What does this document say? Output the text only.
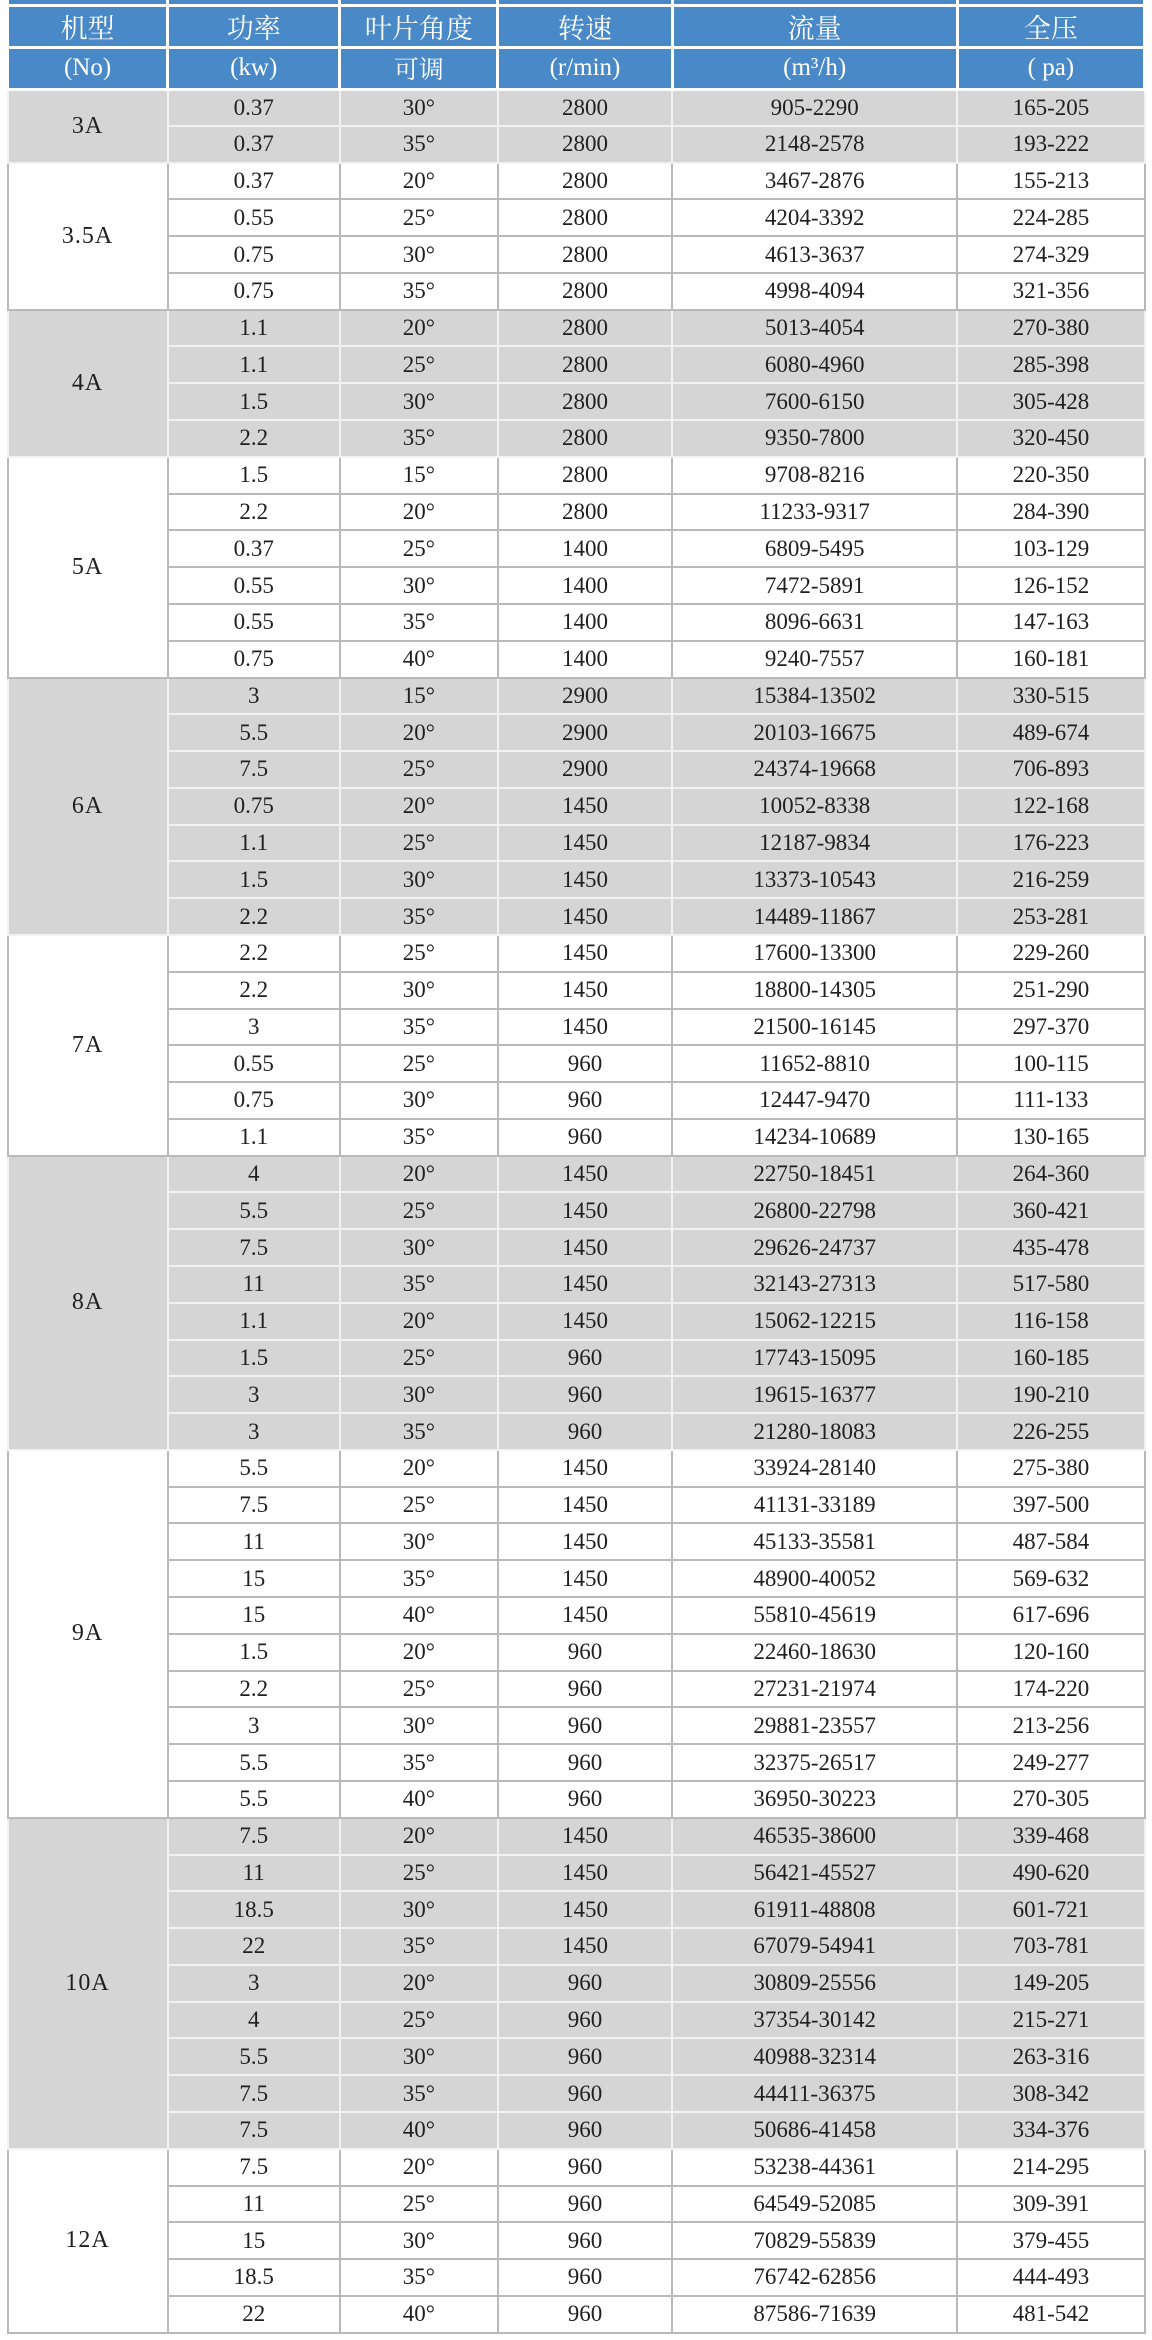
机型	功率	叶片角度	转速	流量	全压
(No)	(kw)	可调	(r/min)	(m³/h)	( pa)
3A	0.37	30°	2800	905-2290	165-205
	0.37	35°	2800	2148-2578	193-222
3.5A	0.37	20°	2800	3467-2876	155-213
	0.55	25°	2800	4204-3392	224-285
	0.75	30°	2800	4613-3637	274-329
	0.75	35°	2800	4998-4094	321-356
4A	1.1	20°	2800	5013-4054	270-380
	1.1	25°	2800	6080-4960	285-398
	1.5	30°	2800	7600-6150	305-428
	2.2	35°	2800	9350-7800	320-450
5A	1.5	15°	2800	9708-8216	220-350
	2.2	20°	2800	11233-9317	284-390
	0.37	25°	1400	6809-5495	103-129
	0.55	30°	1400	7472-5891	126-152
	0.55	35°	1400	8096-6631	147-163
	0.75	40°	1400	9240-7557	160-181
6A	3	15°	2900	15384-13502	330-515
	5.5	20°	2900	20103-16675	489-674
	7.5	25°	2900	24374-19668	706-893
	0.75	20°	1450	10052-8338	122-168
	1.1	25°	1450	12187-9834	176-223
	1.5	30°	1450	13373-10543	216-259
	2.2	35°	1450	14489-11867	253-281
7A	2.2	25°	1450	17600-13300	229-260
	2.2	30°	1450	18800-14305	251-290
	3	35°	1450	21500-16145	297-370
	0.55	25°	960	11652-8810	100-115
	0.75	30°	960	12447-9470	111-133
	1.1	35°	960	14234-10689	130-165
8A	4	20°	1450	22750-18451	264-360
	5.5	25°	1450	26800-22798	360-421
	7.5	30°	1450	29626-24737	435-478
	11	35°	1450	32143-27313	517-580
	1.1	20°	1450	15062-12215	116-158
	1.5	25°	960	17743-15095	160-185
	3	30°	960	19615-16377	190-210
	3	35°	960	21280-18083	226-255
9A	5.5	20°	1450	33924-28140	275-380
	7.5	25°	1450	41131-33189	397-500
	11	30°	1450	45133-35581	487-584
	15	35°	1450	48900-40052	569-632
	15	40°	1450	55810-45619	617-696
	1.5	20°	960	22460-18630	120-160
	2.2	25°	960	27231-21974	174-220
	3	30°	960	29881-23557	213-256
	5.5	35°	960	32375-26517	249-277
	5.5	40°	960	36950-30223	270-305
10A	7.5	20°	1450	46535-38600	339-468
	11	25°	1450	56421-45527	490-620
	18.5	30°	1450	61911-48808	601-721
	22	35°	1450	67079-54941	703-781
	3	20°	960	30809-25556	149-205
	4	25°	960	37354-30142	215-271
	5.5	30°	960	40988-32314	263-316
	7.5	35°	960	44411-36375	308-342
	7.5	40°	960	50686-41458	334-376
12A	7.5	20°	960	53238-44361	214-295
	11	25°	960	64549-52085	309-391
	15	30°	960	70829-55839	379-455
	18.5	35°	960	76742-62856	444-493
	22	40°	960	87586-71639	481-542
